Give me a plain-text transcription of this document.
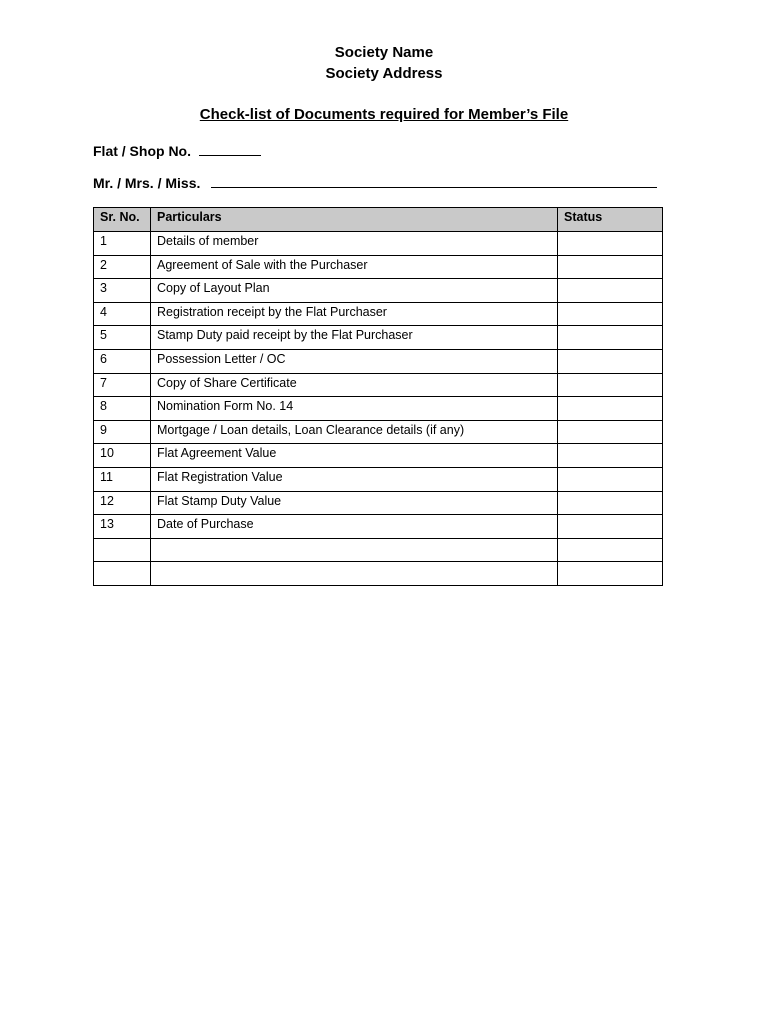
Society Name
Society Address
Check-list of Documents required for Member’s File
Flat / Shop No.
Mr. / Mrs. / Miss.
Sr. No.	Particulars	Status
1	Details of member	
2	Agreement of Sale with the Purchaser	
3	Copy of Layout Plan	
4	Registration receipt by the Flat Purchaser	
5	Stamp Duty paid receipt by the Flat Purchaser	
6	Possession Letter / OC	
7	Copy of Share Certificate	
8	Nomination Form No. 14	
9	Mortgage / Loan details, Loan Clearance details (if any)	
10	Flat Agreement Value	
11	Flat Registration Value	
12	Flat Stamp Duty Value	
13	Date of Purchase	
